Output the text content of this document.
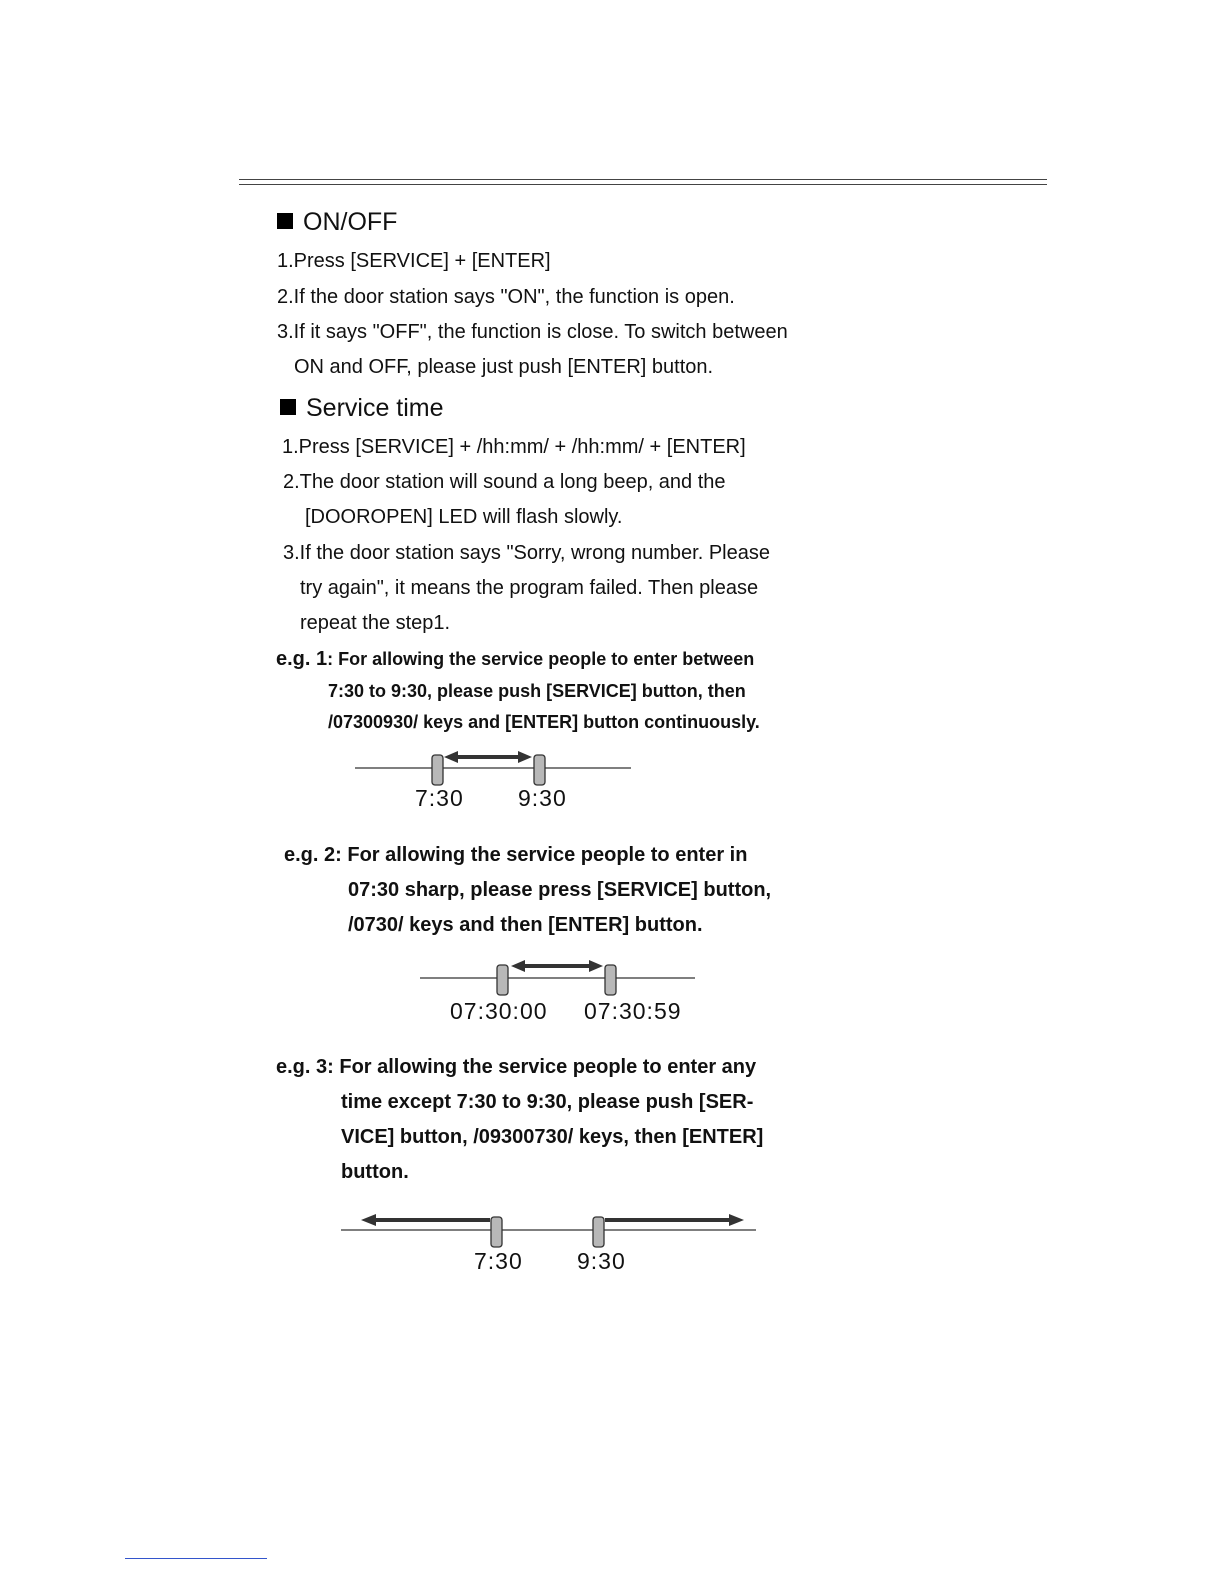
ON/OFF
1.Press [SERVICE] + [ENTER]
2.If the door station says "ON", the function is open.
3.If it says "OFF", the function is close. To switch between
ON and OFF, please just push [ENTER] button.
Service time
1.Press [SERVICE] + /hh:mm/ + /hh:mm/ + [ENTER]
2.The door station will sound a long beep, and the
[DOOROPEN] LED will flash slowly.
3.If the door station says "Sorry, wrong number. Please
try again", it means the program failed. Then please
repeat the step1.
e.g. 1: For allowing the service people to enter between
7:30 to 9:30, please push [SERVICE] button, then
/07300930/ keys and [ENTER] button continuously.
7:30 9:30
e.g. 2: For allowing the service people to enter in
07:30 sharp, please press [SERVICE] button,
/0730/ keys and then [ENTER] button.
07:30:00 07:30:59
e.g. 3: For allowing the service people to enter any
time except 7:30 to 9:30, please push [SER-
VICE] button, /09300730/ keys, then [ENTER]
button.
7:30 9:30
